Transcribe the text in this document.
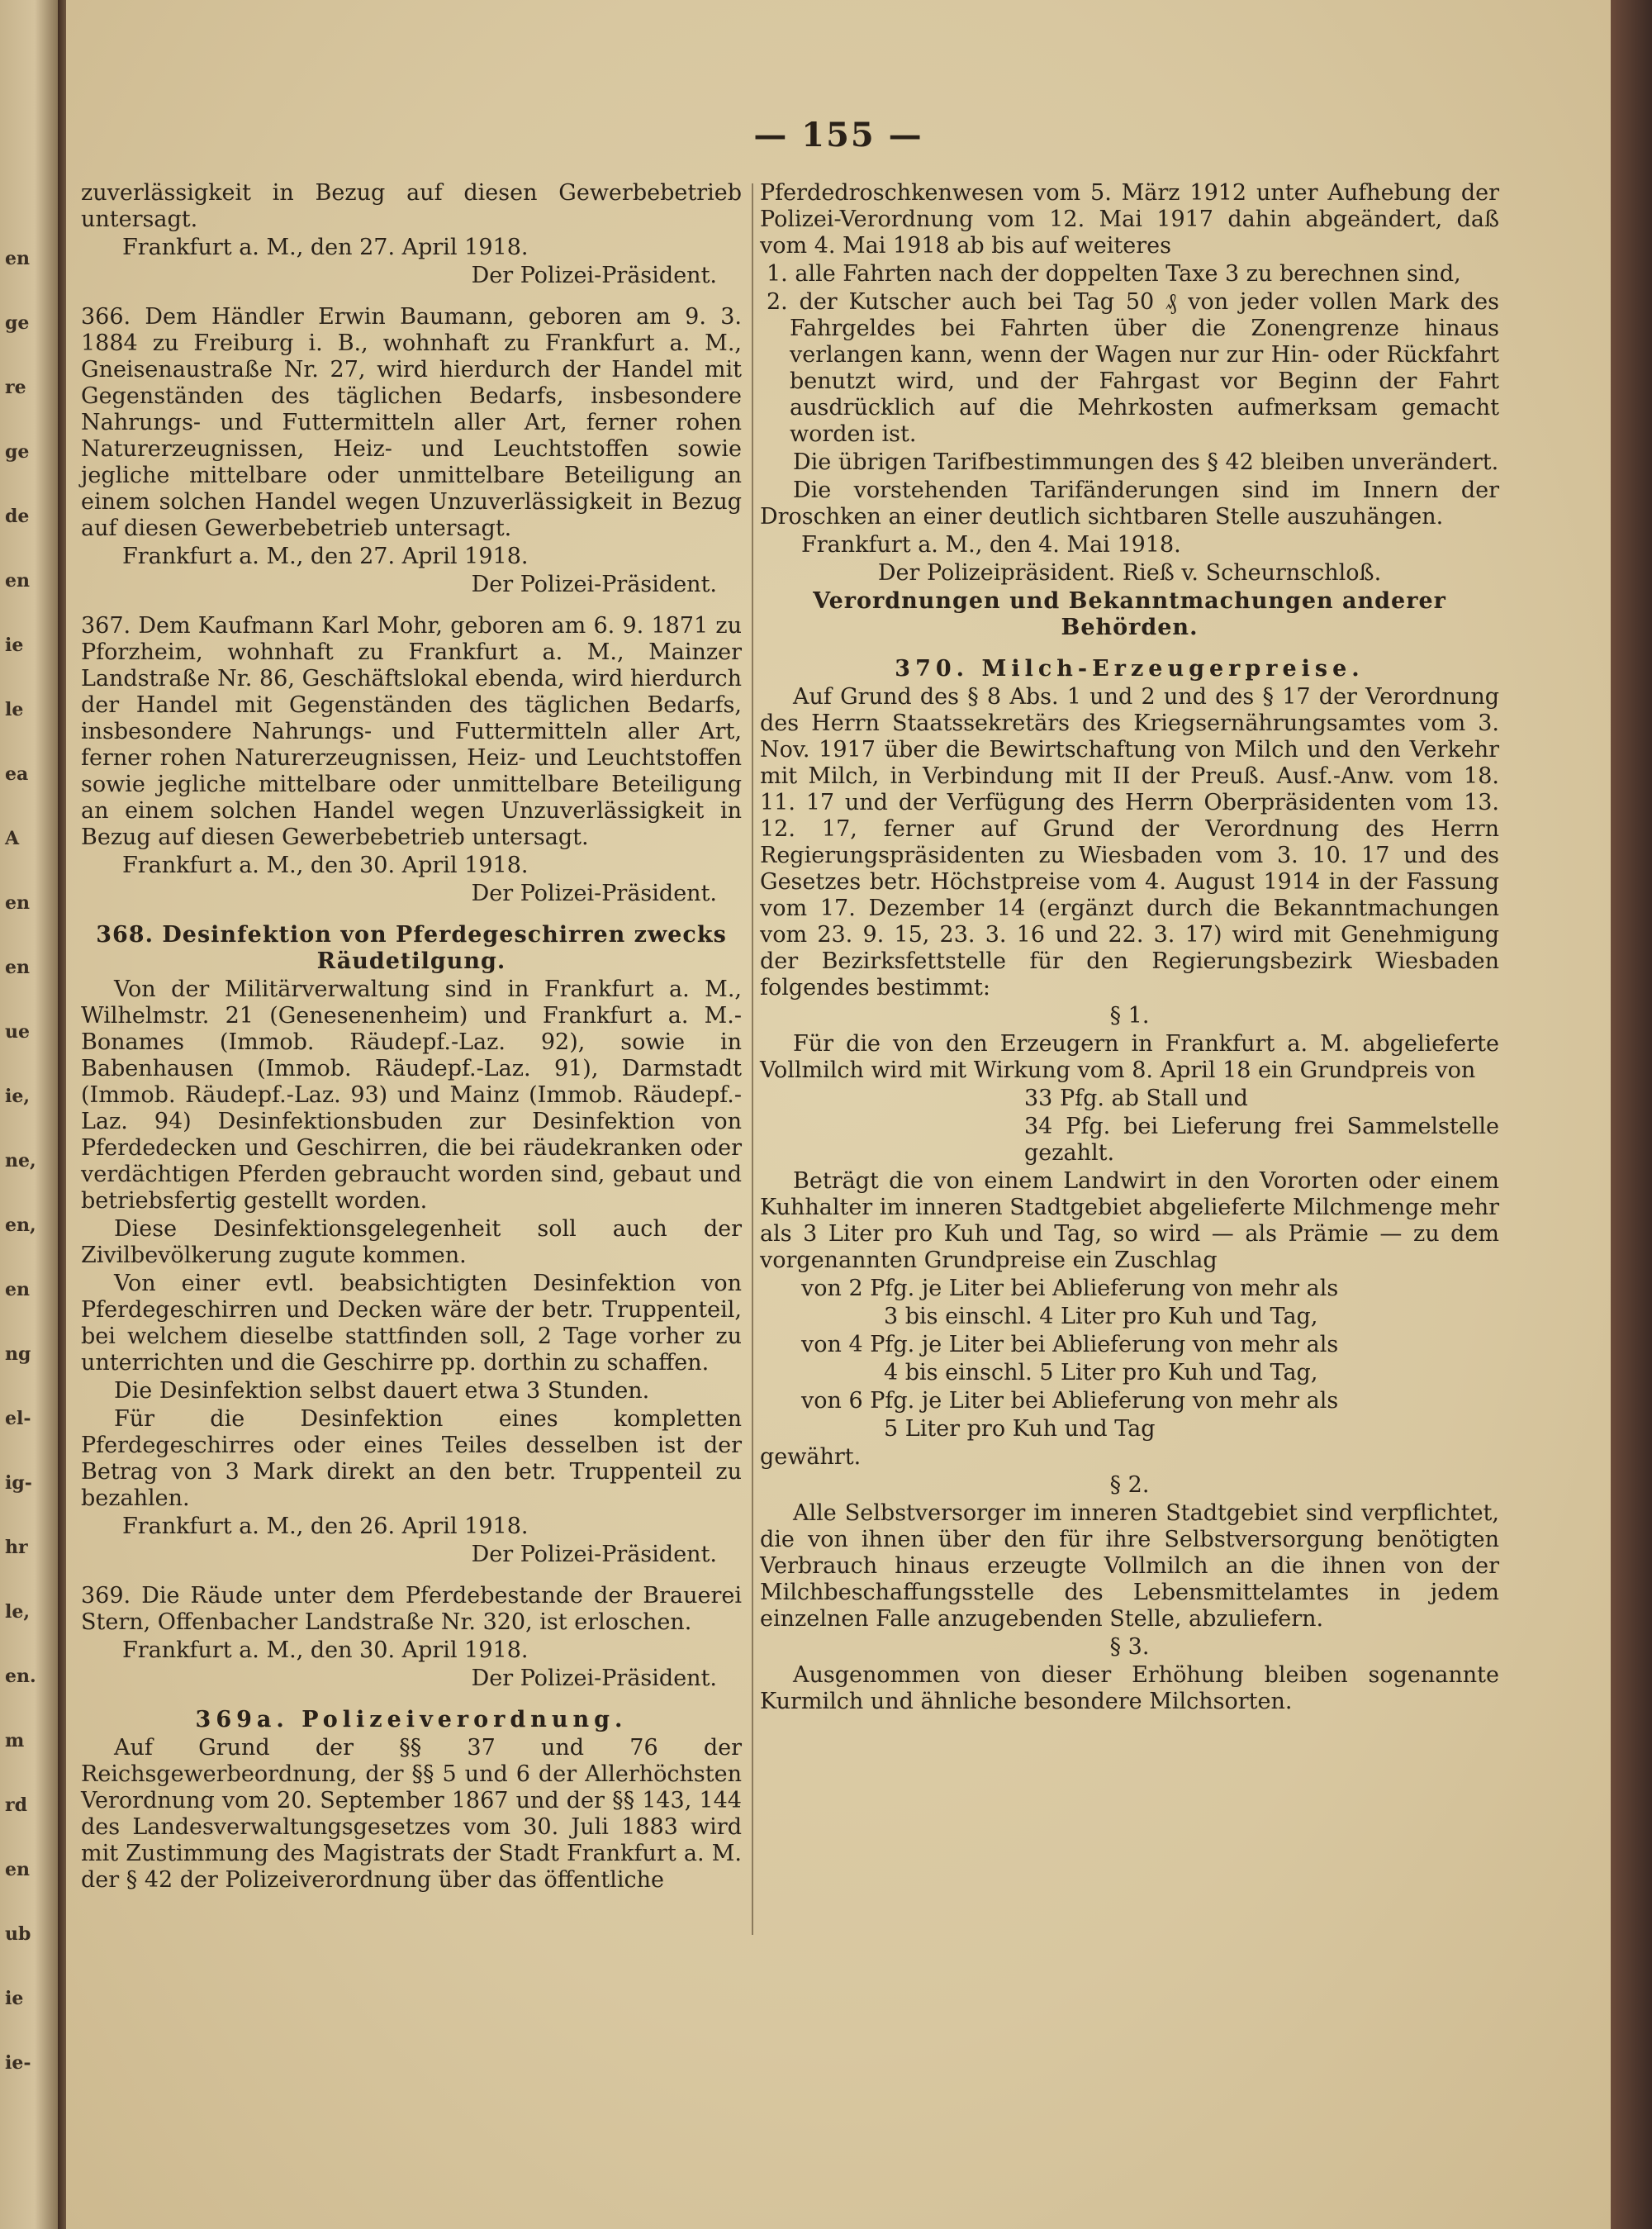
en
ge
re
ge
de
en
ie
le
ea
A
en
en
ue
ie,
ne,
en,
en
ng
el-
ig-
hr
le,
en.
m
rd
en
ub
ie
ie-
— 155 —
zuverlässigkeit in Bezug auf diesen Gewerbebetrieb untersagt.
Frankfurt a. M., den 27. April 1918.
Der Polizei-Präsident.
366. Dem Händler Erwin Baumann, geboren am 9. 3. 1884 zu Freiburg i. B., wohnhaft zu Frankfurt a. M., Gneisenaustraße Nr. 27, wird hierdurch der Handel mit Gegenständen des täglichen Bedarfs, insbesondere Nahrungs- und Futtermitteln aller Art, ferner rohen Naturerzeugnissen, Heiz- und Leuchtstoffen sowie jegliche mittelbare oder unmittelbare Beteiligung an einem solchen Handel wegen Unzuverlässigkeit in Bezug auf diesen Gewerbebetrieb untersagt.
Frankfurt a. M., den 27. April 1918.
Der Polizei-Präsident.
367. Dem Kaufmann Karl Mohr, geboren am 6. 9. 1871 zu Pforzheim, wohnhaft zu Frankfurt a. M., Mainzer Landstraße Nr. 86, Geschäftslokal ebenda, wird hierdurch der Handel mit Gegenständen des täglichen Bedarfs, insbesondere Nahrungs- und Futtermitteln aller Art, ferner rohen Naturerzeugnissen, Heiz- und Leuchtstoffen sowie jegliche mittelbare oder unmittelbare Beteiligung an einem solchen Handel wegen Unzuverlässigkeit in Bezug auf diesen Gewerbebetrieb untersagt.
Frankfurt a. M., den 30. April 1918.
Der Polizei-Präsident.
368. Desinfektion von Pferdegeschirren zwecks Räudetilgung.
Von der Militärverwaltung sind in Frankfurt a. M., Wilhelmstr. 21 (Genesenenheim) und Frankfurt a. M.-Bonames (Immob. Räudepf.-Laz. 92), sowie in Babenhausen (Immob. Räudepf.-Laz. 91), Darmstadt (Immob. Räudepf.-Laz. 93) und Mainz (Immob. Räudepf.-Laz. 94) Desinfektionsbuden zur Desinfektion von Pferdedecken und Geschirren, die bei räudekranken oder verdächtigen Pferden gebraucht worden sind, gebaut und betriebsfertig gestellt worden.
Diese Desinfektionsgelegenheit soll auch der Zivilbevölkerung zugute kommen.
Von einer evtl. beabsichtigten Desinfektion von Pferdegeschirren und Decken wäre der betr. Truppenteil, bei welchem dieselbe stattfinden soll, 2 Tage vorher zu unterrichten und die Geschirre pp. dorthin zu schaffen.
Die Desinfektion selbst dauert etwa 3 Stunden.
Für die Desinfektion eines kompletten Pferdegeschirres oder eines Teiles desselben ist der Betrag von 3 Mark direkt an den betr. Truppenteil zu bezahlen.
Frankfurt a. M., den 26. April 1918.
Der Polizei-Präsident.
369. Die Räude unter dem Pferdebestande der Brauerei Stern, Offenbacher Landstraße Nr. 320, ist erloschen.
Frankfurt a. M., den 30. April 1918.
Der Polizei-Präsident.
369a. Polizeiverordnung.
Auf Grund der §§ 37 und 76 der Reichsgewerbeordnung, der §§ 5 und 6 der Allerhöchsten Verordnung vom 20. September 1867 und der §§ 143, 144 des Landesverwaltungsgesetzes vom 30. Juli 1883 wird mit Zustimmung des Magistrats der Stadt Frankfurt a. M. der § 42 der Polizeiverordnung über das öffentliche
Pferdedroschkenwesen vom 5. März 1912 unter Aufhebung der Polizei-Verordnung vom 12. Mai 1917 dahin abgeändert, daß vom 4. Mai 1918 ab bis auf weiteres
1. alle Fahrten nach der doppelten Taxe 3 zu berechnen sind,
2. der Kutscher auch bei Tag 50 ₰ von jeder vollen Mark des Fahrgeldes bei Fahrten über die Zonengrenze hinaus verlangen kann, wenn der Wagen nur zur Hin- oder Rückfahrt benutzt wird, und der Fahrgast vor Beginn der Fahrt ausdrücklich auf die Mehrkosten aufmerksam gemacht worden ist.
Die übrigen Tarifbestimmungen des § 42 bleiben unverändert.
Die vorstehenden Tarifänderungen sind im Innern der Droschken an einer deutlich sichtbaren Stelle auszuhängen.
Frankfurt a. M., den 4. Mai 1918.
Der Polizeipräsident. Rieß v. Scheurnschloß.
Verordnungen und Bekanntmachungen anderer Behörden.
370. Milch-Erzeugerpreise.
Auf Grund des § 8 Abs. 1 und 2 und des § 17 der Verordnung des Herrn Staatssekretärs des Kriegsernährungsamtes vom 3. Nov. 1917 über die Bewirtschaftung von Milch und den Verkehr mit Milch, in Verbindung mit II der Preuß. Ausf.-Anw. vom 18. 11. 17 und der Verfügung des Herrn Oberpräsidenten vom 13. 12. 17, ferner auf Grund der Verordnung des Herrn Regierungspräsidenten zu Wiesbaden vom 3. 10. 17 und des Gesetzes betr. Höchstpreise vom 4. August 1914 in der Fassung vom 17. Dezember 14 (ergänzt durch die Bekanntmachungen vom 23. 9. 15, 23. 3. 16 und 22. 3. 17) wird mit Genehmigung der Bezirksfettstelle für den Regierungsbezirk Wiesbaden folgendes bestimmt:
§ 1.
Für die von den Erzeugern in Frankfurt a. M. abgelieferte Vollmilch wird mit Wirkung vom 8. April 18 ein Grundpreis von
33 Pfg. ab Stall und
34 Pfg. bei Lieferung frei Sammelstelle gezahlt.
Beträgt die von einem Landwirt in den Vororten oder einem Kuhhalter im inneren Stadtgebiet abgelieferte Milchmenge mehr als 3 Liter pro Kuh und Tag, so wird — als Prämie — zu dem vorgenannten Grundpreise ein Zuschlag
von 2 Pfg. je Liter bei Ablieferung von mehr als
3 bis einschl. 4 Liter pro Kuh und Tag,
von 4 Pfg. je Liter bei Ablieferung von mehr als
4 bis einschl. 5 Liter pro Kuh und Tag,
von 6 Pfg. je Liter bei Ablieferung von mehr als
5 Liter pro Kuh und Tag
gewährt.
§ 2.
Alle Selbstversorger im inneren Stadtgebiet sind verpflichtet, die von ihnen über den für ihre Selbstversorgung benötigten Verbrauch hinaus erzeugte Vollmilch an die ihnen von der Milchbeschaffungsstelle des Lebensmittelamtes in jedem einzelnen Falle anzugebenden Stelle, abzuliefern.
§ 3.
Ausgenommen von dieser Erhöhung bleiben sogenannte Kurmilch und ähnliche besondere Milchsorten.
